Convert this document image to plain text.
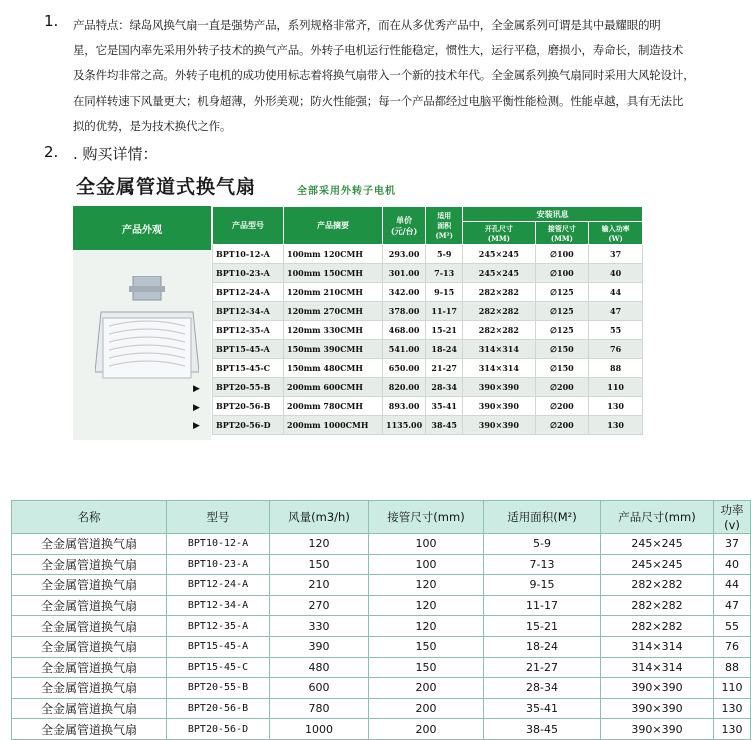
1. 产品特点：绿岛风换气扇一直是强势产品，系列规格非常齐，而在从多优秀产品中，全金属系列可谓是其中最耀眼的明
星，它是国内率先采用外转子技术的换气产品。外转子电机运行性能稳定，惯性大，运行平稳，磨损小，寿命长，制造技术
及条件均非常之高。外转子电机的成功使用标志着将换气扇带入一个新的技术年代。全金属系列换气扇同时采用大风轮设计，
在同样转速下风量更大；机身超薄，外形美观；防火性能强；每一个产品都经过电脑平衡性能检测。性能卓越，具有无法比
拟的优势，是为技术换代之作。
2. . 购买详情：
全金属管道式换气扇	全部采用外转子电机
产品外观
▶
▶
▶
产品型号	产品摘要	单价
(元/台)	适用
面积
(M²)	安装讯息		
				开孔尺寸
(MM)	接管尺寸
(MM)	输入功率
(W)
BPT10-12-A	100mm 120CMH	293.00	5-9	245×245	∅100	37
BPT10-23-A	100mm 150CMH	301.00	7-13	245×245	∅100	40
BPT12-24-A	120mm 210CMH	342.00	9-15	282×282	∅125	44
BPT12-34-A	120mm 270CMH	378.00	11-17	282×282	∅125	47
BPT12-35-A	120mm 330CMH	468.00	15-21	282×282	∅125	55
BPT15-45-A	150mm 390CMH	541.00	18-24	314×314	∅150	76
BPT15-45-C	150mm 480CMH	650.00	21-27	314×314	∅150	88
BPT20-55-B	200mm 600CMH	820.00	28-34	390×390	∅200	110
BPT20-56-B	200mm 780CMH	893.00	35-41	390×390	∅200	130
BPT20-56-D	200mm 1000CMH	1135.00	38-45	390×390	∅200	130
名称	型号	风量(m3/h)	接管尺寸(mm)	适用面积(M²)	产品尺寸(mm)	功率(v)
全金属管道换气扇	BPT10-12-A	120	100	5-9	245×245	37
全金属管道换气扇	BPT10-23-A	150	100	7-13	245×245	40
全金属管道换气扇	BPT12-24-A	210	120	9-15	282×282	44
全金属管道换气扇	BPT12-34-A	270	120	11-17	282×282	47
全金属管道换气扇	BPT12-35-A	330	120	15-21	282×282	55
全金属管道换气扇	BPT15-45-A	390	150	18-24	314×314	76
全金属管道换气扇	BPT15-45-C	480	150	21-27	314×314	88
全金属管道换气扇	BPT20-55-B	600	200	28-34	390×390	110
全金属管道换气扇	BPT20-56-B	780	200	35-41	390×390	130
全金属管道换气扇	BPT20-56-D	1000	200	38-45	390×390	130
